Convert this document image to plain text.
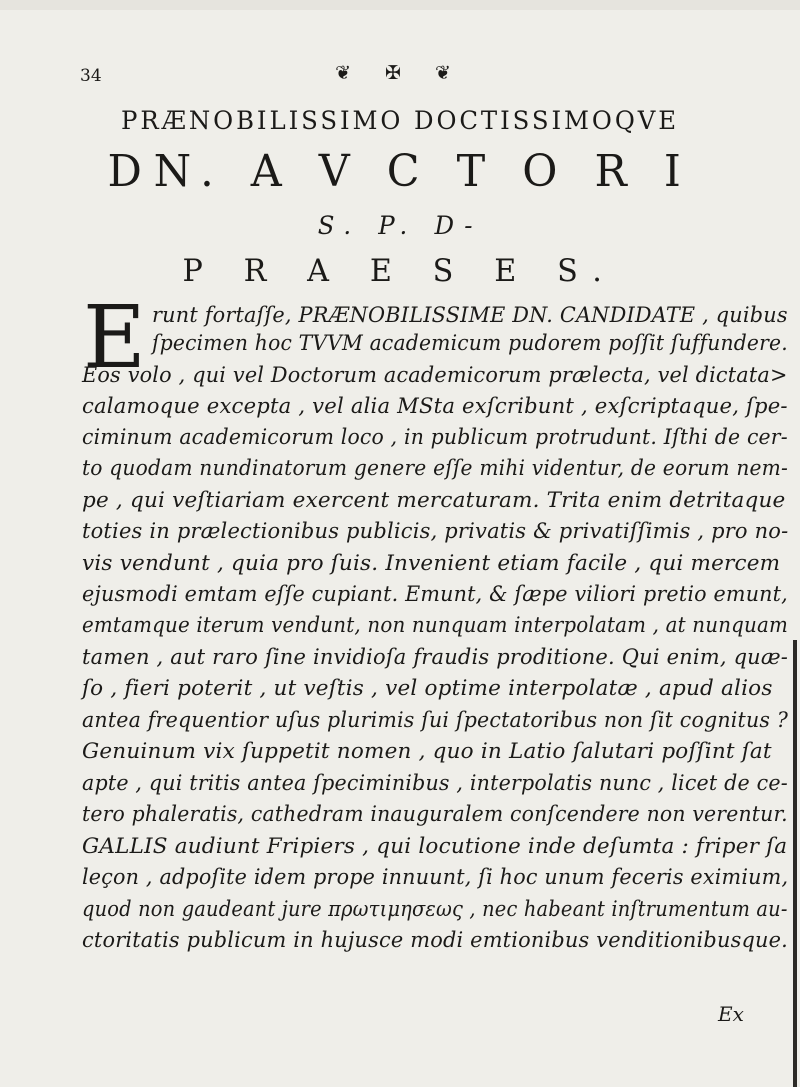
34	❦ ✠ ❦
PRÆNOBILISSIMO DOCTISSIMOQVE
DN. A V C T O R I
S. P. D-
P R A E S E S.
E runt fortaſſe, PRÆNOBILISSIME DN. CANDIDATE , quibus
ſpecimen hoc TVVM academicum pudorem poſſit ſuffundere.
Eos volo , qui vel Doctorum academicorum prælecta, vel dictata>
calamoque excepta , vel alia MSta exſcribunt , exſcriptaque, ſpe-
ciminum academicorum loco , in publicum protrudunt. Iſthi de cer-
to quodam nundinatorum genere eſſe mihi videntur, de eorum nem-
pe , qui veſtiariam exercent mercaturam. Trita enim detritaque
toties in prælectionibus publicis, privatis & privatiſſimis , pro no-
vis vendunt , quia pro ſuis. Invenient etiam facile , qui mercem
ejusmodi emtam eſſe cupiant. Emunt, & ſæpe viliori pretio emunt,
emtamque iterum vendunt, non nunquam interpolatam , at nunquam
tamen , aut raro ſine invidioſa fraudis proditione. Qui enim, quæ-
ſo , fieri poterit , ut veſtis , vel optime interpolatæ , apud alios
antea frequentior uſus plurimis ſui ſpectatoribus non ſit cognitus ?
Genuinum vix ſuppetit nomen , quo in Latio ſalutari poſſint ſat
apte , qui tritis antea ſpeciminibus , interpolatis nunc , licet de ce-
tero phaleratis, cathedram inauguralem conſcendere non verentur.
GALLIS audiunt Fripiers , qui locutione inde deſumta : friper ſa
leçon , adpoſite idem prope innuunt, ſi hoc unum feceris eximium,
quod non gaudeant jure πρωτιμησεως , nec habeant inſtrumentum au-
ctoritatis publicum in hujusce modi emtionibus venditionibusque.
Ex
